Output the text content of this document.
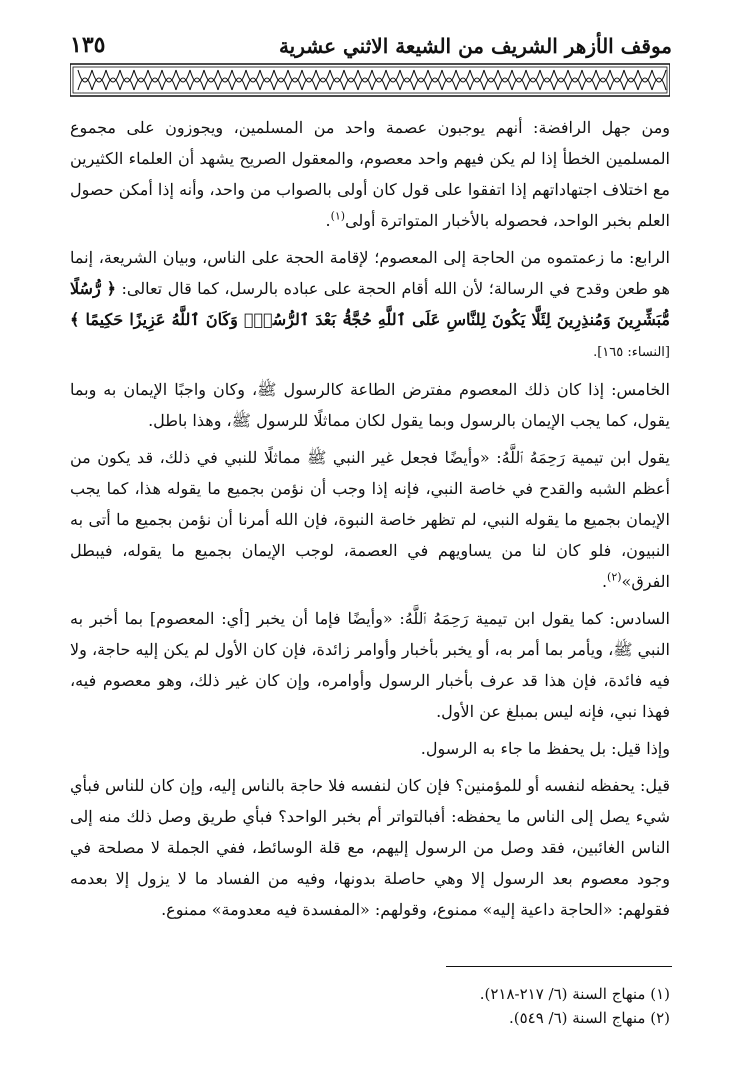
موقف الأزهر الشريف من الشيعة الاثني عشرية
١٣٥

ومن جهل الرافضة: أنهم يوجبون عصمة واحد من المسلمين، ويجوزون على مجموع المسلمين الخطأ إذا لم يكن فيهم واحد معصوم، والمعقول الصريح يشهد أن العلماء الكثيرين مع اختلاف اجتهاداتهم إذا اتفقوا على قول كان أولى بالصواب من واحد، وأنه إذا أمكن حصول العلم بخبر الواحد، فحصوله بالأخبار المتواترة أولى$^{(١)}$.

الرابع: ما زعمتموه من الحاجة إلى المعصوم؛ لإقامة الحجة على الناس، وبيان الشريعة، إنما هو طعن وقدح في الرسالة؛ لأن الله أقام الحجة على عباده بالرسل، كما قال تعالى: ﴿ رُّسُلًا مُّبَشِّرِينَ وَمُنذِرِينَ لِئَلَّا يَكُونَ لِلنَّاسِ عَلَى ٱللَّهِ حُجَّةُۢ بَعْدَ ٱلرُّسُلِۚ وَكَانَ ٱللَّهُ عَزِيزًا حَكِيمًا ﴾ [النساء: ١٦٥].

الخامس: إذا كان ذلك المعصوم مفترض الطاعة كالرسول ﷺ، وكان واجبًا الإيمان به وبما يقول، كما يجب الإيمان بالرسول وبما يقول لكان مماثلًا للرسول ﷺ، وهذا باطل.

يقول ابن تيمية رَحِمَهُ ٱللَّهُ: «وأيضًا فجعل غير النبي ﷺ مماثلًا للنبي في ذلك، قد يكون من أعظم الشبه والقدح في خاصة النبي، فإنه إذا وجب أن نؤمن بجميع ما يقوله هذا، كما يجب الإيمان بجميع ما يقوله النبي، لم تظهر خاصة النبوة، فإن الله أمرنا أن نؤمن بجميع ما أتى به النبيون، فلو كان لنا من يساويهم في العصمة، لوجب الإيمان بجميع ما يقوله، فيبطل الفرق»$^{(٢)}$.

السادس: كما يقول ابن تيمية رَحِمَهُ ٱللَّهُ: «وأيضًا فإما أن يخبر [أي: المعصوم] بما أخبر به النبي ﷺ، ويأمر بما أمر به، أو يخبر بأخبار وأوامر زائدة، فإن كان الأول لم يكن إليه حاجة، ولا فيه فائدة، فإن هذا قد عرف بأخبار الرسول وأوامره، وإن كان غير ذلك، وهو معصوم فيه، فهذا نبي، فإنه ليس بمبلغ عن الأول.

وإذا قيل: بل يحفظ ما جاء به الرسول.

قيل: يحفظه لنفسه أو للمؤمنين؟ فإن كان لنفسه فلا حاجة بالناس إليه، وإن كان للناس فبأي شيء يصل إلى الناس ما يحفظه: أفبالتواتر أم بخبر الواحد؟ فبأي طريق وصل ذلك منه إلى الناس الغائبين، فقد وصل من الرسول إليهم، مع قلة الوسائط، ففي الجملة لا مصلحة في وجود معصوم بعد الرسول إلا وهي حاصلة بدونها، وفيه من الفساد ما لا يزول إلا بعدمه فقولهم: «الحاجة داعية إليه» ممنوع، وقولهم: «المفسدة فيه معدومة» ممنوع.

(١) منهاج السنة (٦/ ٢١٧-٢١٨).
(٢) منهاج السنة (٦/ ٥٤٩).
